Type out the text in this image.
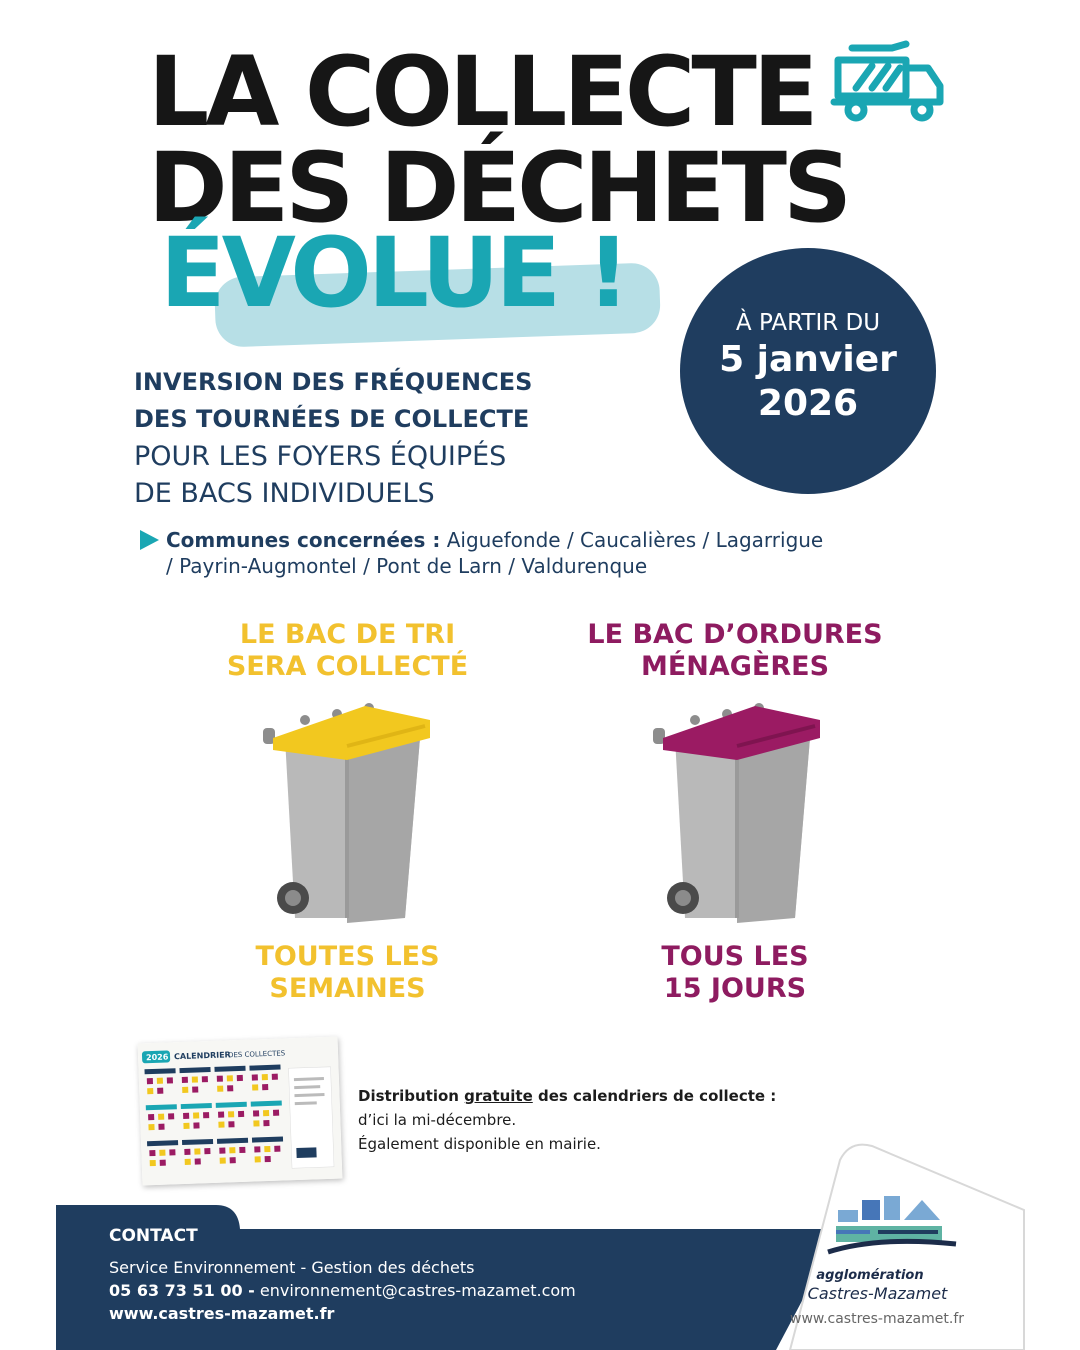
LA COLLECTE
DES DÉCHETS
ÉVOLUE !	À PARTIR DU
5 janvier
2026
INVERSION DES FRÉQUENCES
DES TOURNÉES DE COLLECTE
POUR LES FOYERS ÉQUIPÉS
DE BACS INDIVIDUELS
Communes concernées : Aiguefonde / Caucalières / Lagarrigue
/ Payrin-Augmontel / Pont de Larn / Valdurenque
LE BAC DE TRI
SERA COLLECTÉ
LE BAC D’ORDURES
MÉNAGÈRES
TOUTES LES
SEMAINES
TOUS LES
15 JOURS
2026 CALENDRIER
DES COLLECTES
Distribution gratuite des calendriers de collecte :
d’ici la mi-décembre.
Également disponible en mairie.
CONTACT
Service Environnement - Gestion des déchets
05 63 73 51 00 - environnement@castres-mazamet.com
www.castres-mazamet.fr
agglomération
Castres-Mazamet
www.castres-mazamet.fr
